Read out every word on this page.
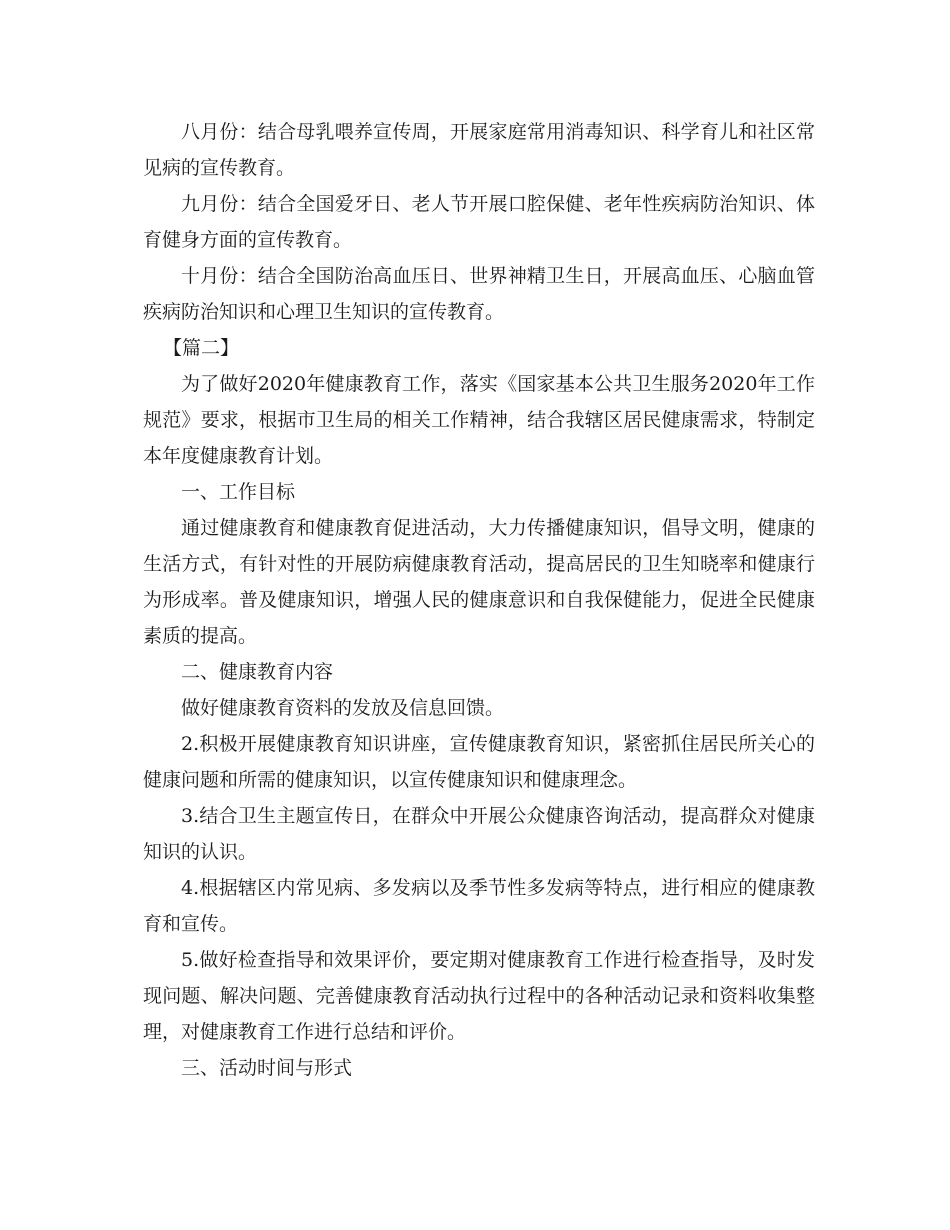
八月份：结合母乳喂养宣传周，开展家庭常用消毒知识、科学育儿和社区常见病的宣传教育。

九月份：结合全国爱牙日、老人节开展口腔保健、老年性疾病防治知识、体育健身方面的宣传教育。

十月份：结合全国防治高血压日、世界神精卫生日，开展高血压、心脑血管疾病防治知识和心理卫生知识的宣传教育。

【篇二】

为了做好2020年健康教育工作，落实《国家基本公共卫生服务2020年工作规范》要求，根据市卫生局的相关工作精神，结合我辖区居民健康需求，特制定本年度健康教育计划。

一、工作目标

通过健康教育和健康教育促进活动，大力传播健康知识，倡导文明，健康的生活方式，有针对性的开展防病健康教育活动，提高居民的卫生知晓率和健康行为形成率。普及健康知识，增强人民的健康意识和自我保健能力，促进全民健康素质的提高。

二、健康教育内容

做好健康教育资料的发放及信息回馈。

2.积极开展健康教育知识讲座，宣传健康教育知识，紧密抓住居民所关心的健康问题和所需的健康知识，以宣传健康知识和健康理念。

3.结合卫生主题宣传日，在群众中开展公众健康咨询活动，提高群众对健康知识的认识。

4.根据辖区内常见病、多发病以及季节性多发病等特点，进行相应的健康教育和宣传。

5.做好检查指导和效果评价，要定期对健康教育工作进行检查指导，及时发现问题、解决问题、完善健康教育活动执行过程中的各种活动记录和资料收集整理，对健康教育工作进行总结和评价。

三、活动时间与形式
